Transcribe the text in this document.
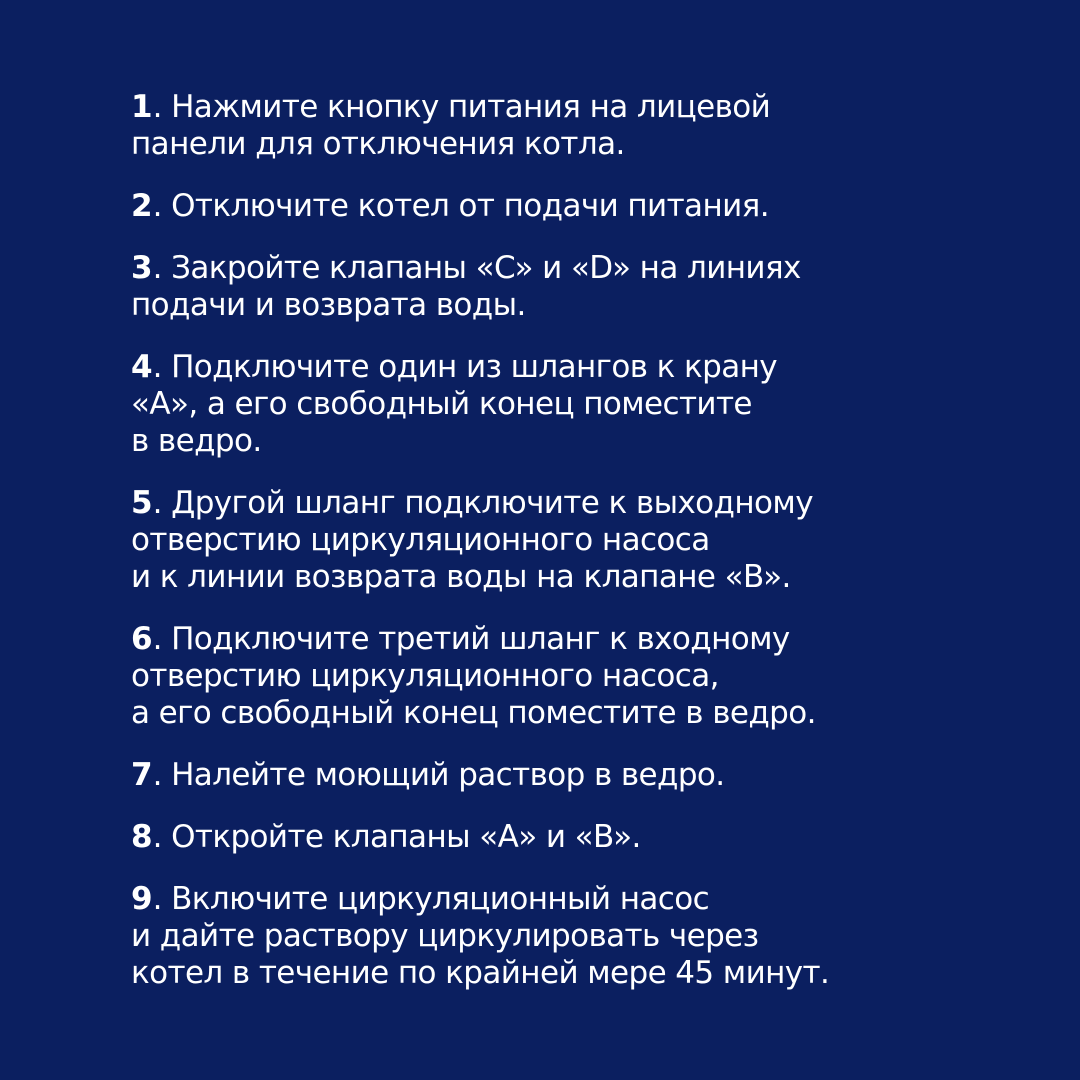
1. Нажмите кнопку питания на лицевой
панели для отключения котла.
2. Отключите котел от подачи питания.
3. Закройте клапаны «C» и «D» на линиях
подачи и возврата воды.
4. Подключите один из шлангов к крану
«A», а его свободный конец поместите
в ведро.
5. Другой шланг подключите к выходному
отверстию циркуляционного насоса
и к линии возврата воды на клапане «B».
6. Подключите третий шланг к входному
отверстию циркуляционного насоса,
а его свободный конец поместите в ведро.
7. Налейте моющий раствор в ведро.
8. Откройте клапаны «A» и «B».
9. Включите циркуляционный насос
и дайте раствору циркулировать через
котел в течение по крайней мере 45 минут.
